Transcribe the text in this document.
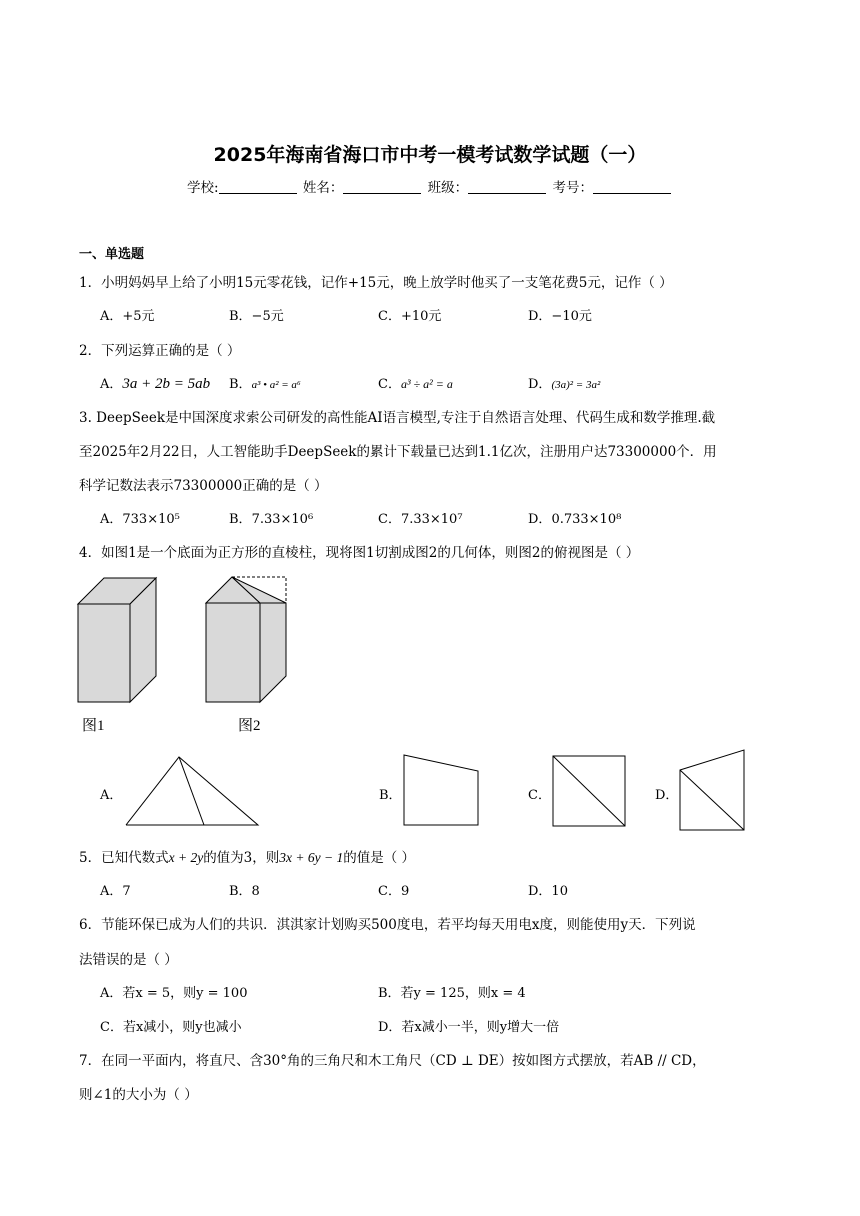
2025年海南省海口市中考一模考试数学试题（一）
学校:	姓名：	班级：	考号：
一、单选题
1．小明妈妈早上给了小明15元零花钱，记作+15元，晚上放学时他买了一支笔花费5元，记作（ ）
A．+5元	B．−5元	C．+10元	D．−10元
2．下列运算正确的是（ ）
A．3a + 2b = 5ab B．a³ • a² = a⁶	C．a³ ÷ a² = a	D．(3a)² = 3a²
3. DeepSeek是中国深度求索公司研发的高性能AI语言模型,专注于自然语言处理、代码生成和数学推理.截
至2025年2月22日，人工智能助手DeepSeek的累计下载量已达到1.1亿次，注册用户达73300000个．用
科学记数法表示73300000正确的是（ ）
A．733×10⁵	B．7.33×10⁶	C．7.33×10⁷	D．0.733×10⁸
4．如图1是一个底面为正方形的直棱柱，现将图1切割成图2的几何体，则图2的俯视图是（ ）
图1	图2
A．	B．	C．	D．
5．已知代数式x + 2y的值为3，则3x + 6y − 1的值是（ ）
A．7	B．8	C．9	D．10
6．节能环保已成为人们的共识．淇淇家计划购买500度电，若平均每天用电x度，则能使用y天．下列说
法错误的是（ ）
A．若x = 5，则y = 100	B．若y = 125，则x = 4
C．若x减小，则y也减小	D．若x减小一半，则y增大一倍
7．在同一平面内，将直尺、含30°角的三角尺和木工角尺（CD ⊥ DE）按如图方式摆放，若AB // CD，
则∠1的大小为（ ）
